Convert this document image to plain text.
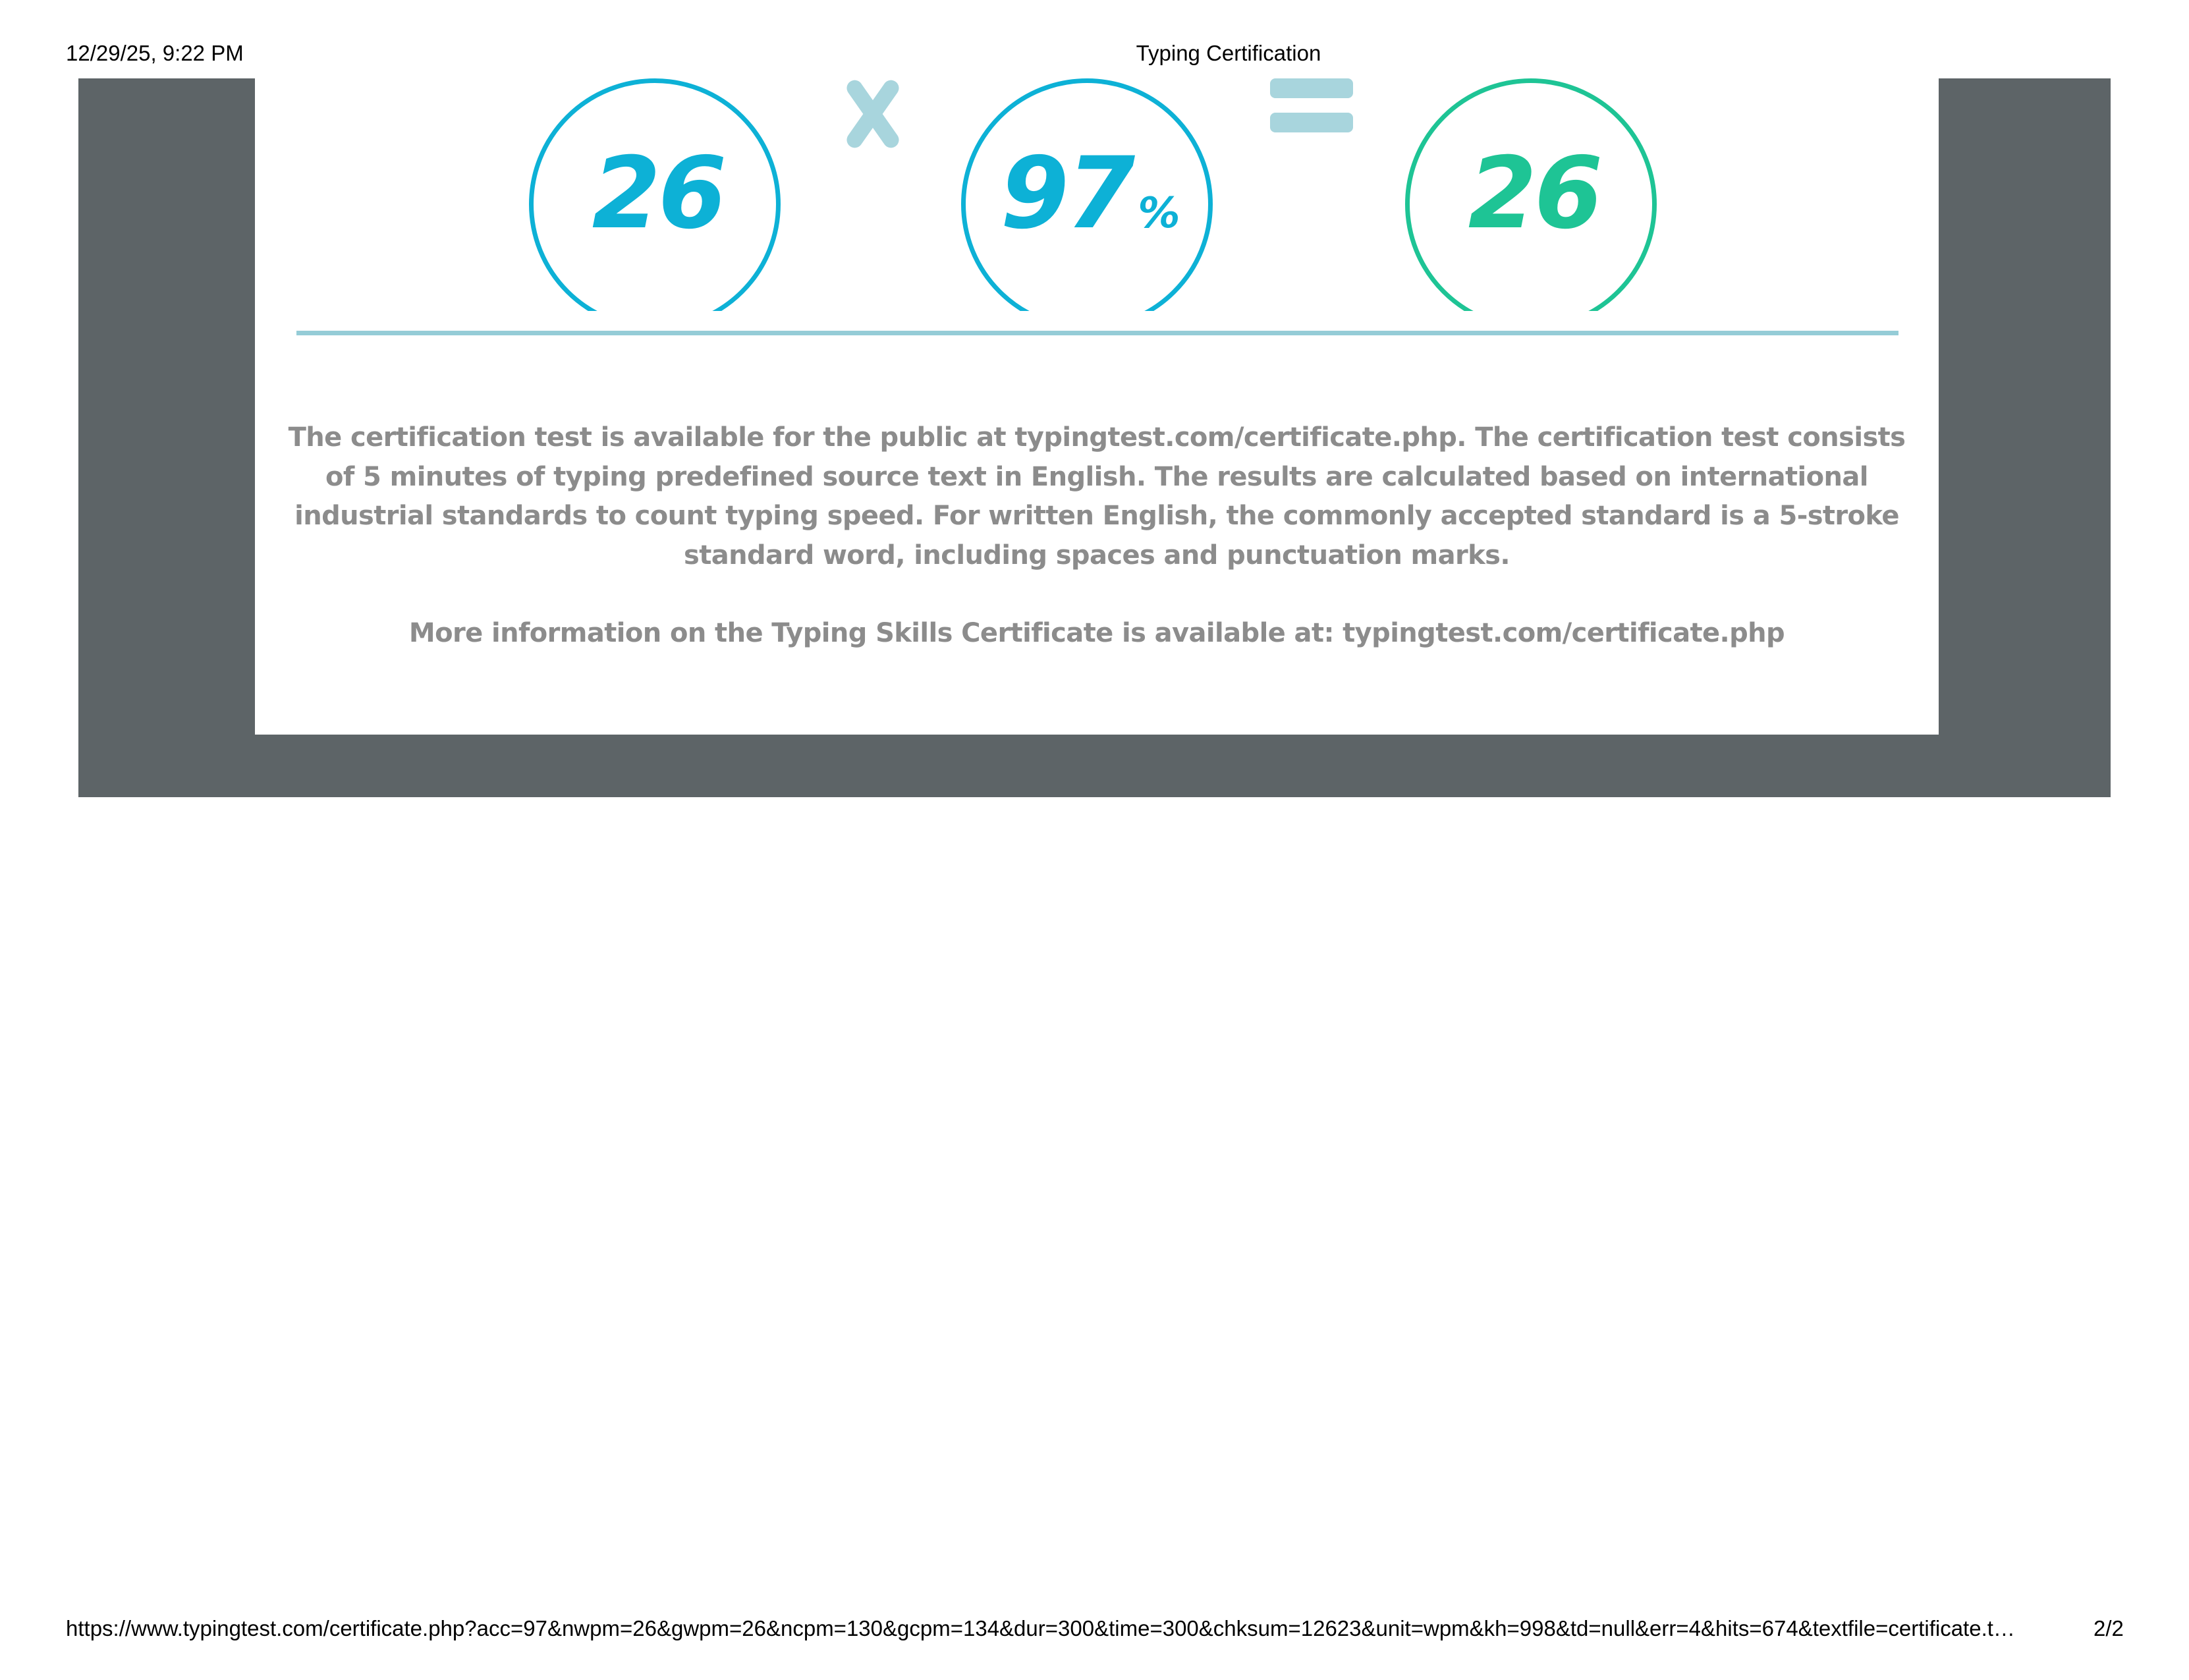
12/29/25, 9:22 PM	Typing Certification
26	97 %	26
The certification test is available for the public at typingtest.com/certificate.php. The certification test consists of 5 minutes of typing predefined source text in English. The results are calculated based on international industrial standards to count typing speed. For written English, the commonly accepted standard is a 5-stroke standard word, including spaces and punctuation marks.
More information on the Typing Skills Certificate is available at: typingtest.com/certificate.php
https://www.typingtest.com/certificate.php?acc=97&nwpm=26&gwpm=26&ncpm=130&gcpm=134&dur=300&time=300&chksum=12623&unit=wpm&kh=998&td=null&err=4&hits=674&textfile=certificate.t…	2/2
